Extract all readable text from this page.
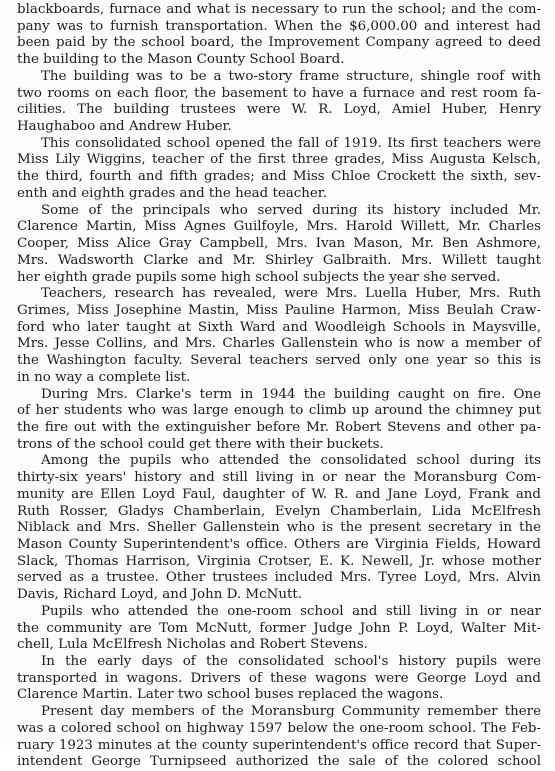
blackboards, furnace and what is necessary to run the school; and the com-
pany was to furnish transportation. When the $6,000.00 and interest had
been paid by the school board, the Improvement Company agreed to deed
the building to the Mason County School Board.
The building was to be a two-story frame structure, shingle roof with
two rooms on each floor, the basement to have a furnace and rest room fa-
cilities. The building trustees were W. R. Loyd, Amiel Huber, Henry
Haughaboo and Andrew Huber.
This consolidated school opened the fall of 1919. Its first teachers were
Miss Lily Wiggins, teacher of the first three grades, Miss Augusta Kelsch,
the third, fourth and fifth grades; and Miss Chloe Crockett the sixth, sev-
enth and eighth grades and the head teacher.
Some of the principals who served during its history included Mr.
Clarence Martin, Miss Agnes Guilfoyle, Mrs. Harold Willett, Mr. Charles
Cooper, Miss Alice Gray Campbell, Mrs. Ivan Mason, Mr. Ben Ashmore,
Mrs. Wadsworth Clarke and Mr. Shirley Galbraith. Mrs. Willett taught
her eighth grade pupils some high school subjects the year she served.
Teachers, research has revealed, were Mrs. Luella Huber, Mrs. Ruth
Grimes, Miss Josephine Mastin, Miss Pauline Harmon, Miss Beulah Craw-
ford who later taught at Sixth Ward and Woodleigh Schools in Maysville,
Mrs. Jesse Collins, and Mrs. Charles Gallenstein who is now a member of
the Washington faculty. Several teachers served only one year so this is
in no way a complete list.
During Mrs. Clarke's term in 1944 the building caught on fire. One
of her students who was large enough to climb up around the chimney put
the fire out with the extinguisher before Mr. Robert Stevens and other pa-
trons of the school could get there with their buckets.
Among the pupils who attended the consolidated school during its
thirty-six years' history and still living in or near the Moransburg Com-
munity are Ellen Loyd Faul, daughter of W. R. and Jane Loyd, Frank and
Ruth Rosser, Gladys Chamberlain, Evelyn Chamberlain, Lida McElfresh
Niblack and Mrs. Sheller Gallenstein who is the present secretary in the
Mason County Superintendent's office. Others are Virginia Fields, Howard
Slack, Thomas Harrison, Virginia Crotser, E. K. Newell, Jr. whose mother
served as a trustee. Other trustees included Mrs. Tyree Loyd, Mrs. Alvin
Davis, Richard Loyd, and John D. McNutt.
Pupils who attended the one-room school and still living in or near
the community are Tom McNutt, former Judge John P. Loyd, Walter Mit-
chell, Lula McElfresh Nicholas and Robert Stevens.
In the early days of the consolidated school's history pupils were
transported in wagons. Drivers of these wagons were George Loyd and
Clarence Martin. Later two school buses replaced the wagons.
Present day members of the Moransburg Community remember there
was a colored school on highway 1597 below the one-room school. The Feb-
ruary 1923 minutes at the county superintendent's office record that Super-
intendent George Turnipseed authorized the sale of the colored school
